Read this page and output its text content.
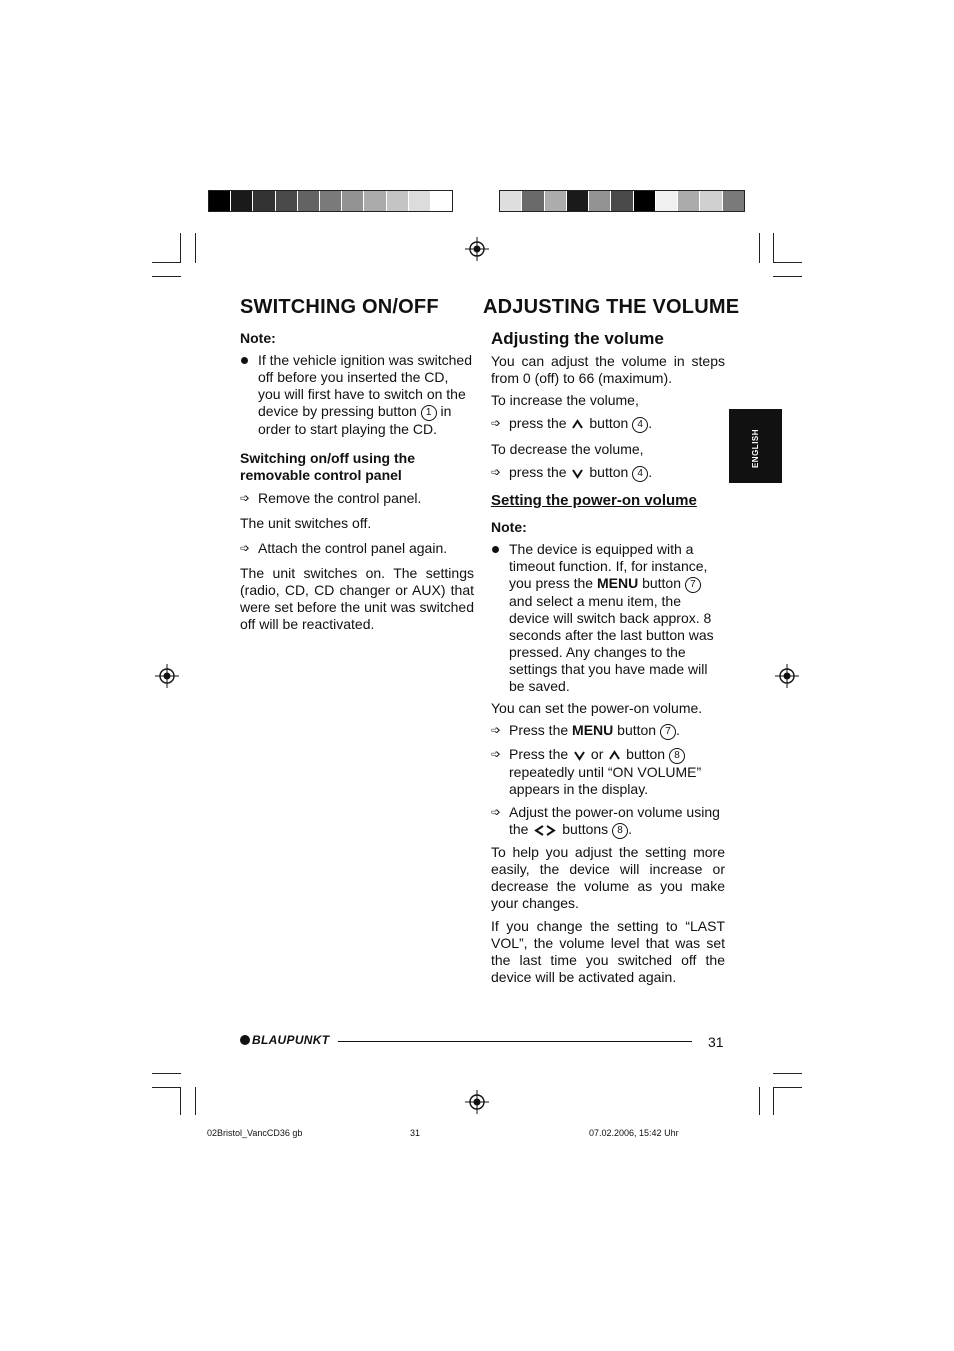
SWITCHING ON/OFF ADJUSTING THE VOLUME
Note:
If the vehicle ignition was switched off before you inserted the CD, you will first have to switch on the device by pressing button 1 in order to start playing the CD.
Switching on/off using the removable control panel
➩ Remove the control panel.
The unit switches off.
➩ Attach the control panel again.
The unit switches on. The settings (radio, CD, CD changer or AUX) that were set before the unit was switched off will be reactivated.
Adjusting the volume
You can adjust the volume in steps from 0 (off) to 66 (maximum).
To increase the volume,
➩ press the button 4 .
To decrease the volume,
➩ press the button 4 .
Setting the power-on volume
Note:
The device is equipped with a timeout function. If, for instance, you press the MENU button 7 and select a menu item, the device will switch back approx. 8 seconds after the last button was pressed. Any changes to the settings that you have made will be saved.
You can set the power-on volume.
➩ Press the MENU button 7 .
➩ Press the or button 8 repeatedly until “ON VOLUME” appears in the display.
➩ Adjust the power-on volume using the buttons 8 .
To help you adjust the setting more easily, the device will increase or decrease the volume as you make your changes.
If you change the setting to “LAST VOL”, the volume level that was set the last time you switched off the device will be activated again.
ENGLISH
BLAUPUNKT	31
02Bristol_VancCD36 gb	31	07.02.2006, 15:42 Uhr
